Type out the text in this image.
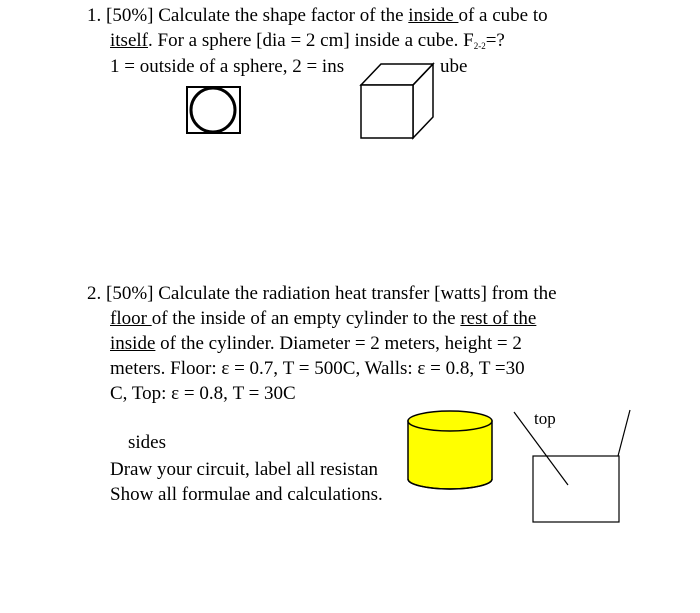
1. [50%] Calculate the shape factor of the inside of a cube to
itself. For a sphere [dia = 2 cm] inside a cube. $F_{2-2}=$?
1 = outside of a sphere, 2 = ins	ube
2. [50%] Calculate the radiation heat transfer [watts] from the
floor of the inside of an empty cylinder to the rest of the
inside of the cylinder. Diameter = 2 meters, height = 2
meters. Floor: ε = 0.7, T = 500C, Walls: ε = 0.8, T =30
C, Top: ε = 0.8, T = 30C
sides
Draw your circuit, label all resistan
Show all formulae and calculations.
top
